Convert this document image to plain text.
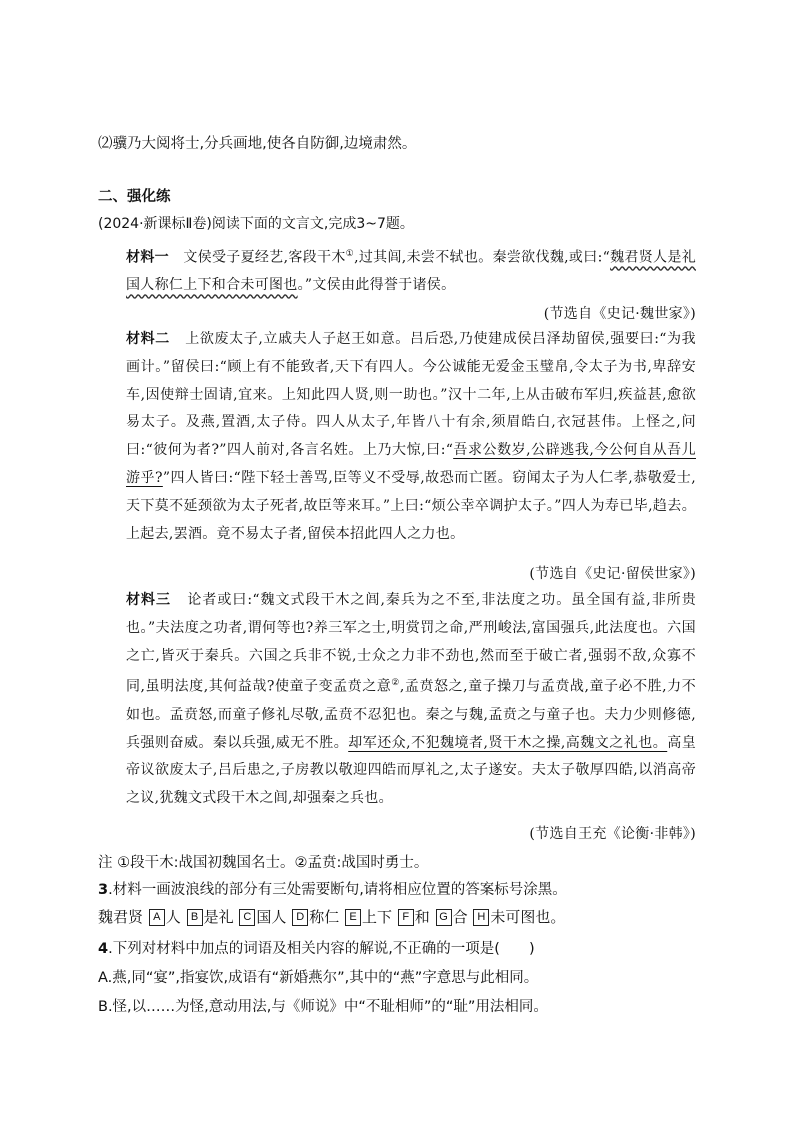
⑵骥乃大阅将士,分兵画地,使各自防御,边境肃然。
二、强化练
(2024·新课标Ⅱ卷)阅读下面的文言文,完成3~7题。
材料一 文侯受子夏经艺,客段干木①,过其闾,未尝不轼也。秦尝欲伐魏,或曰:“魏君贤人是礼国人称仁上下和合未可图也。”文侯由此得誉于诸侯。
(节选自《史记·魏世家》)
材料二 上欲废太子,立戚夫人子赵王如意。吕后恐,乃使建成侯吕泽劫留侯,强要曰:“为我画计。”留侯曰:“顾上有不能致者,天下有四人。今公诚能无爱金玉璧帛,令太子为书,卑辞安车,因使辩士固请,宜来。上知此四人贤,则一助也。”汉十二年,上从击破布军归,疾益甚,愈欲易太子。及燕,置酒,太子侍。四人从太子,年皆八十有余,须眉皓白,衣冠甚伟。上怪之,问曰:“彼何为者?”四人前对,各言名姓。上乃大惊,曰:“吾求公数岁,公辟逃我,今公何自从吾儿游乎?”四人皆曰:“陛下轻士善骂,臣等义不受辱,故恐而亡匿。窃闻太子为人仁孝,恭敬爱士,天下莫不延颈欲为太子死者,故臣等来耳。”上曰:“烦公幸卒调护太子。”四人为寿已毕,趋去。上起去,罢酒。竟不易太子者,留侯本招此四人之力也。
(节选自《史记·留侯世家》)
材料三 论者或曰:“魏文式段干木之闾,秦兵为之不至,非法度之功。虽全国有益,非所贵也。”夫法度之功者,谓何等也?养三军之士,明赏罚之命,严刑峻法,富国强兵,此法度也。六国之亡,皆灭于秦兵。六国之兵非不锐,士众之力非不劲也,然而至于破亡者,强弱不敌,众寡不同,虽明法度,其何益哉?使童子变孟贲之意②,孟贲怒之,童子操刀与孟贲战,童子必不胜,力不如也。孟贲怒,而童子修礼尽敬,孟贲不忍犯也。秦之与魏,孟贲之与童子也。夫力少则修德,兵强则奋威。秦以兵强,威无不胜。却军还众,不犯魏境者,贤干木之操,高魏文之礼也。高皇帝议欲废太子,吕后患之,子房教以敬迎四皓而厚礼之,太子遂安。夫太子敬厚四皓,以消高帝之议,犹魏文式段干木之闾,却强秦之兵也。
(节选自王充《论衡·非韩》)
注 ①段干木:战国初魏国名士。②孟贲:战国时勇士。
3.材料一画波浪线的部分有三处需要断句,请将相应位置的答案标号涂黑。
魏君贤 A 人 B 是礼 C 国人 D 称仁 E 上下 F 和 G 合 H 未可图也。
4.下列对材料中加点的词语及相关内容的解说,不正确的一项是(　　)
A.燕,同“宴”,指宴饮,成语有“新婚燕尔”,其中的“燕”字意思与此相同。
B.怪,以……为怪,意动用法,与《师说》中“不耻相师”的“耻”用法相同。
